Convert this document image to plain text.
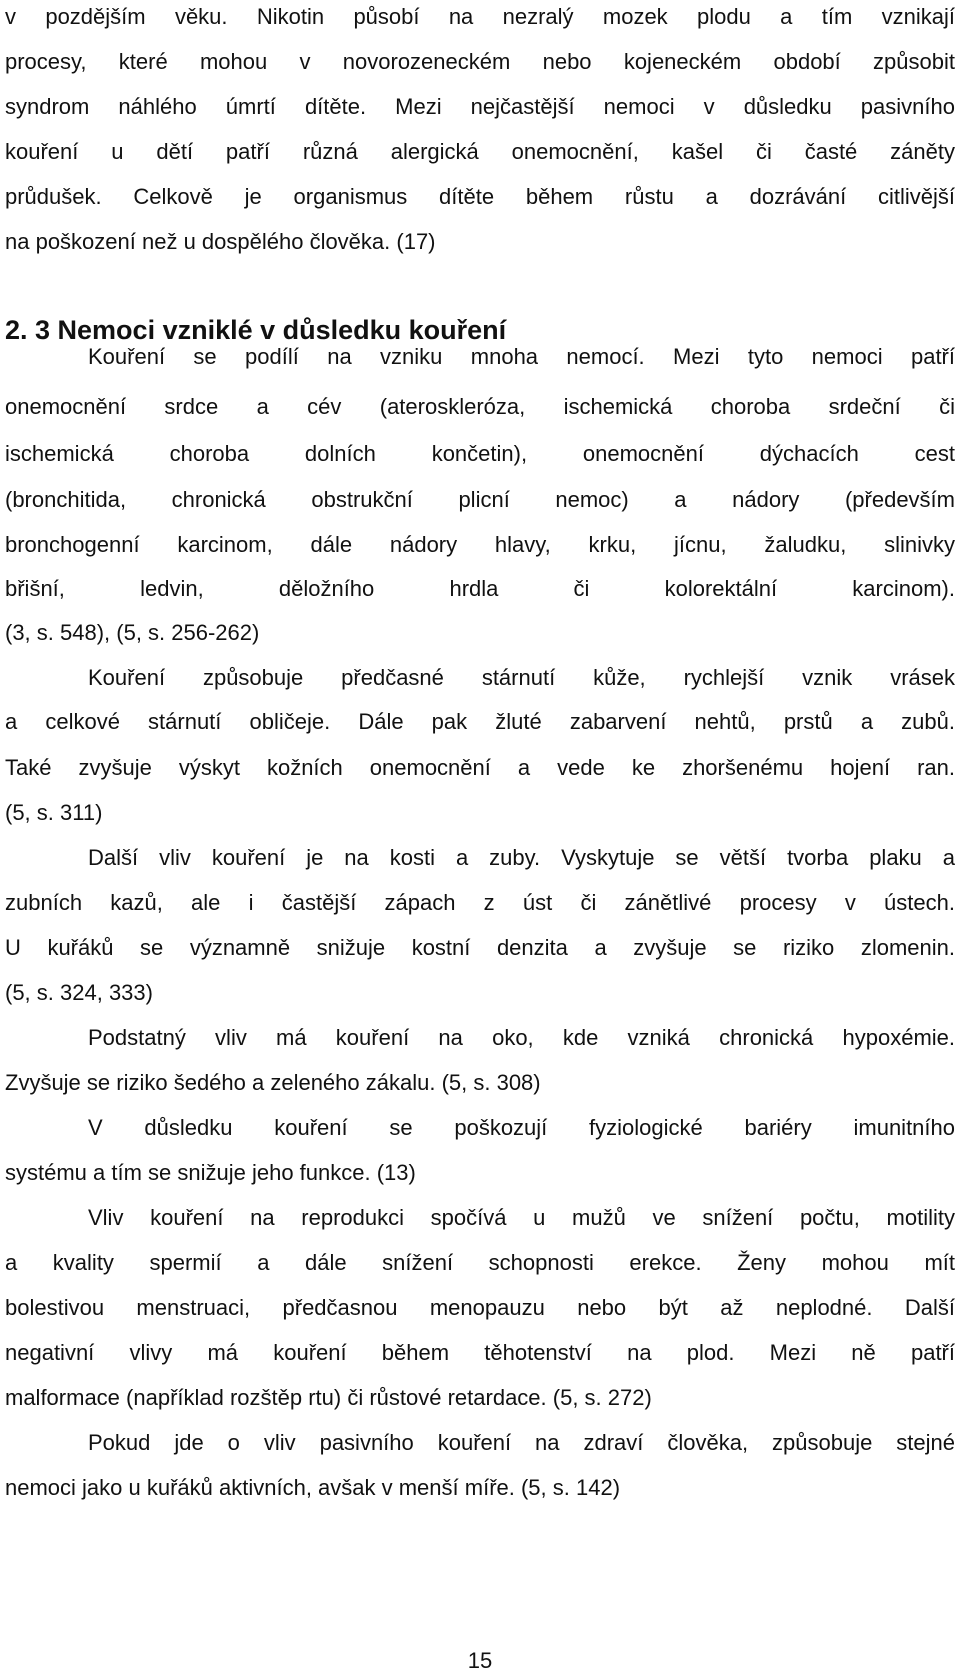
v pozdějším věku. Nikotin působí na nezralý mozek plodu a tím vznikají
procesy, které mohou v novorozeneckém nebo kojeneckém období způsobit
syndrom náhlého úmrtí dítěte. Mezi nejčastější nemoci v důsledku pasivního
kouření u dětí patří různá alergická onemocnění, kašel či časté záněty
průdušek. Celkově je organismus dítěte během růstu a dozrávání citlivější
na poškození než u dospělého člověka. (17)
2. 3 Nemoci vzniklé v důsledku kouření
Kouření se podílí na vzniku mnoha nemocí. Mezi tyto nemoci patří
onemocnění srdce a cév (ateroskleróza, ischemická choroba srdeční či
ischemická choroba dolních končetin), onemocnění dýchacích cest
(bronchitida, chronická obstrukční plicní nemoc) a nádory (především
bronchogenní karcinom, dále nádory hlavy, krku, jícnu, žaludku, slinivky
břišní, ledvin, děložního hrdla či kolorektální karcinom).
(3, s. 548), (5, s. 256-262)
Kouření způsobuje předčasné stárnutí kůže, rychlejší vznik vrásek
a celkové stárnutí obličeje. Dále pak žluté zabarvení nehtů, prstů a zubů.
Také zvyšuje výskyt kožních onemocnění a vede ke zhoršenému hojení ran.
(5, s. 311)
Další vliv kouření je na kosti a zuby. Vyskytuje se větší tvorba plaku a
zubních kazů, ale i častější zápach z úst či zánětlivé procesy v ústech.
U kuřáků se významně snižuje kostní denzita a zvyšuje se riziko zlomenin.
(5, s. 324, 333)
Podstatný vliv má kouření na oko, kde vzniká chronická hypoxémie.
Zvyšuje se riziko šedého a zeleného zákalu. (5, s. 308)
V důsledku kouření se poškozují fyziologické bariéry imunitního
systému a tím se snižuje jeho funkce. (13)
Vliv kouření na reprodukci spočívá u mužů ve snížení počtu, motility
a kvality spermií a dále snížení schopnosti erekce. Ženy mohou mít
bolestivou menstruaci, předčasnou menopauzu nebo být až neplodné. Další
negativní vlivy má kouření během těhotenství na plod. Mezi ně patří
malformace (například rozštěp rtu) či růstové retardace. (5, s. 272)
Pokud jde o vliv pasivního kouření na zdraví člověka, způsobuje stejné
nemoci jako u kuřáků aktivních, avšak v menší míře. (5, s. 142)
15
